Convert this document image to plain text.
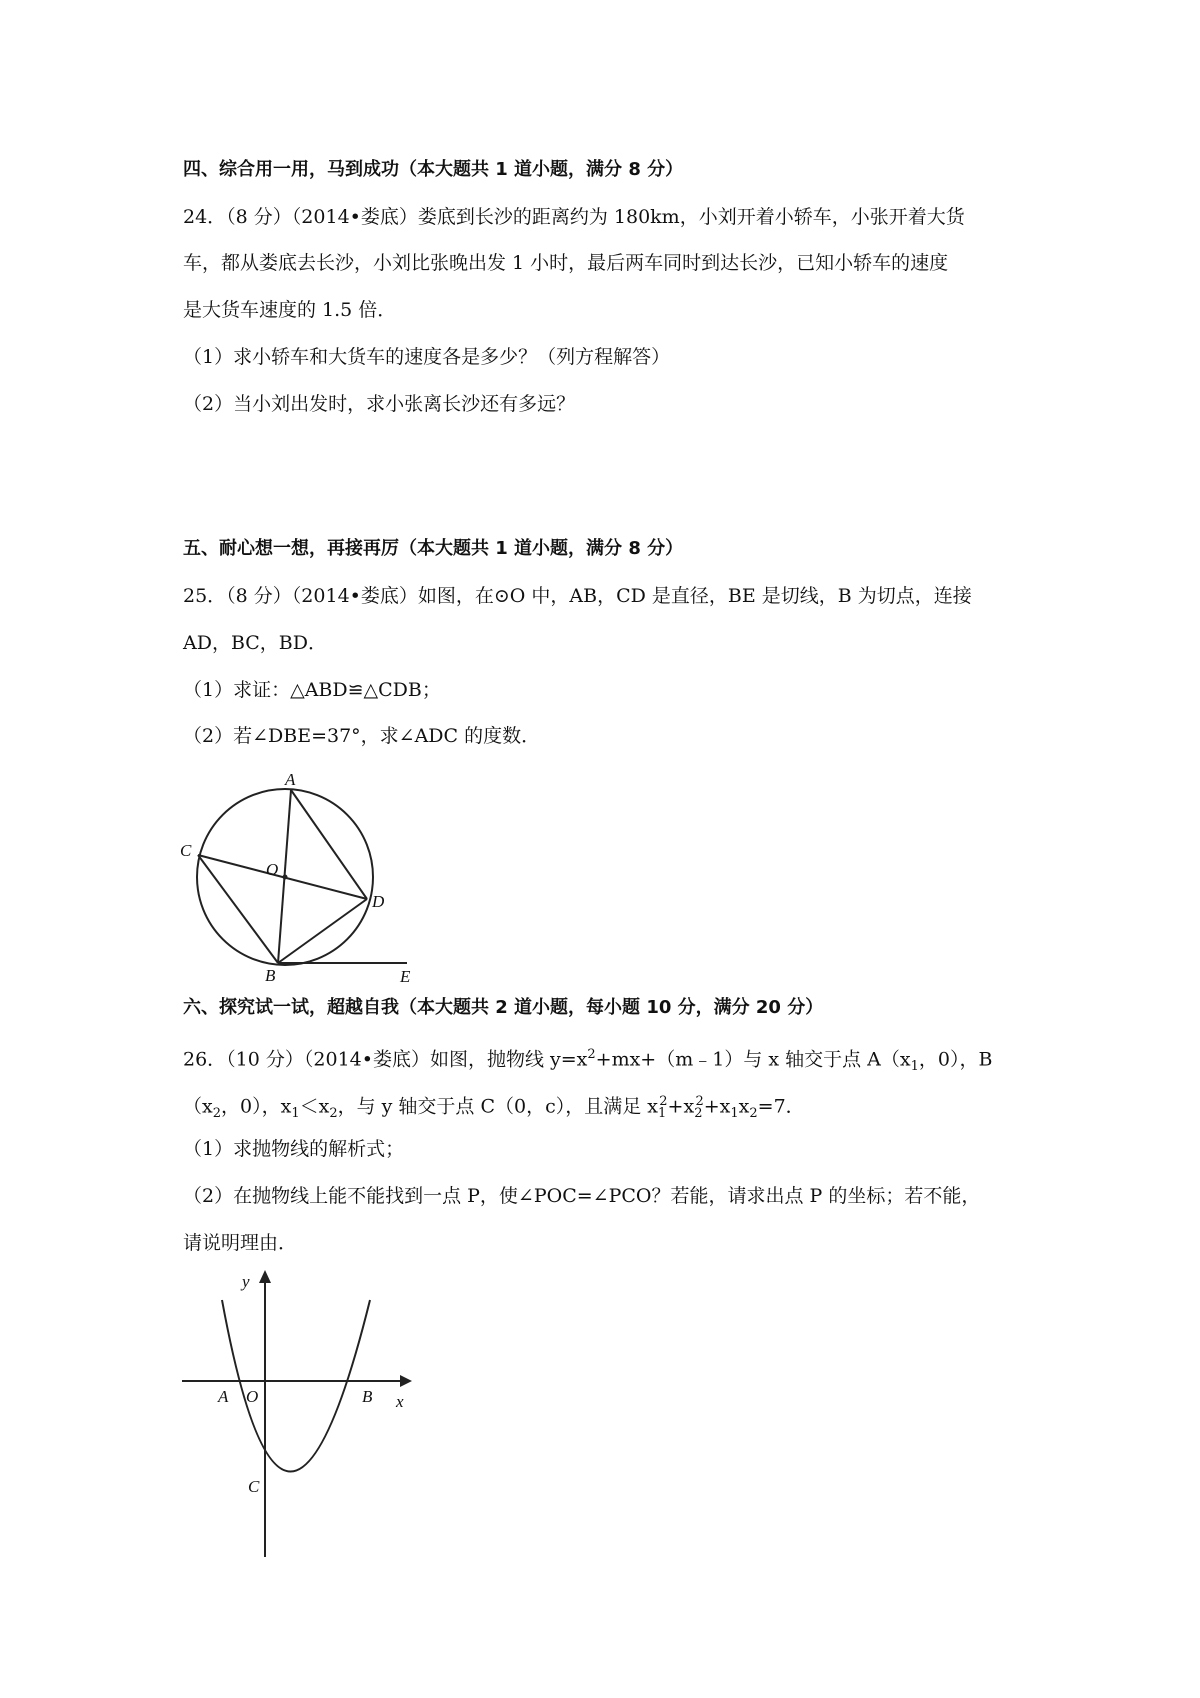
四、综合用一用，马到成功（本大题共 1 道小题，满分 8 分）
24．（8 分）（2014•娄底）娄底到长沙的距离约为 180km，小刘开着小轿车，小张开着大货
车，都从娄底去长沙，小刘比张晚出发 1 小时，最后两车同时到达长沙，已知小轿车的速度
是大货车速度的 1.5 倍．
（1）求小轿车和大货车的速度各是多少？（列方程解答）
（2）当小刘出发时，求小张离长沙还有多远？
五、耐心想一想，再接再厉（本大题共 1 道小题，满分 8 分）
25．（8 分）（2014•娄底）如图，在⊙O 中，AB，CD 是直径，BE 是切线，B 为切点，连接
AD，BC，BD．
（1）求证：△ABD≌△CDB；
（2）若∠DBE=37°，求∠ADC 的度数．
A
C
O
D
B	E
六、探究试一试，超越自我（本大题共 2 道小题，每小题 10 分，满分 20 分）
26．（10 分）（2014•娄底）如图，抛物线 $y=x^2+mx+(m﹣1)$与 x 轴交于点 $A(x_1$，0），B
（$x_2$，0），$x_1<x_2$，与 y 轴交于点 C（0，c），且满足 $x_1^2+x_2^2+x_1x_2=7$．
（1）求抛物线的解析式；
（2）在抛物线上能不能找到一点 P，使∠POC=∠PCO？若能，请求出点 P 的坐标；若不能，
请说明理由．
y
x
A O	B
C
